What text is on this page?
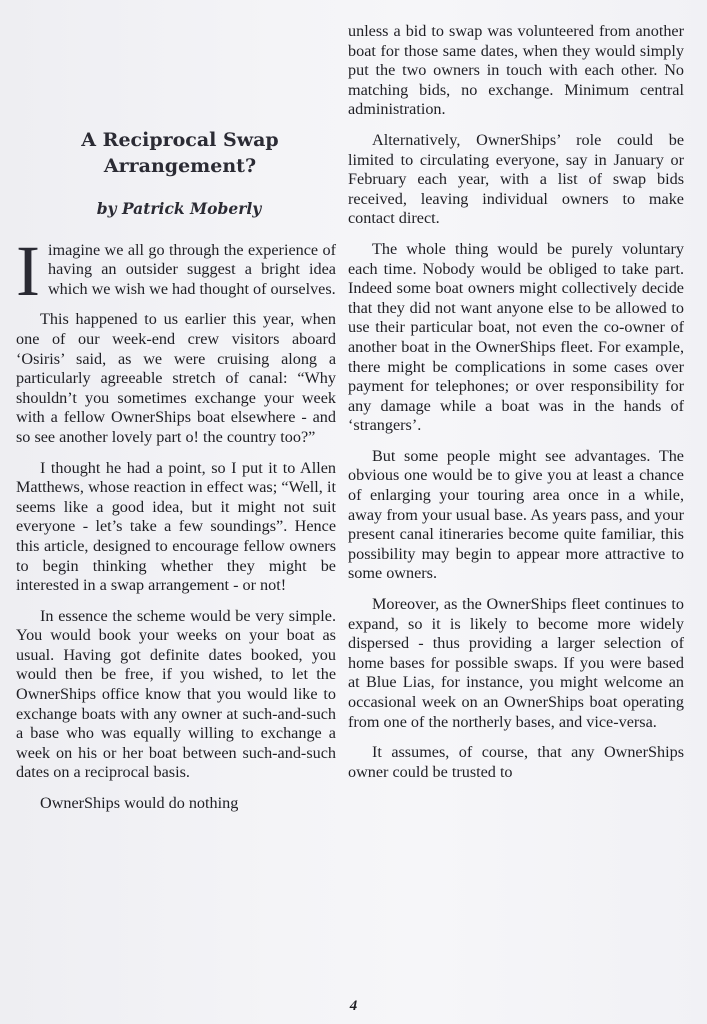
A Reciprocal Swap Arrangement?
by Patrick Moberly

Iimagine we all go through the experience of having an outsider suggest a bright idea which we wish we had thought of ourselves.

This happened to us earlier this year, when one of our week-end crew visitors aboard ‘Osiris’ said, as we were cruising along a particularly agreeable stretch of canal: “Why shouldn’t you sometimes exchange your week with a fellow OwnerShips boat elsewhere - and so see another lovely part o! the country too?”

I thought he had a point, so I put it to Allen Matthews, whose reaction in effect was; “Well, it seems like a good idea, but it might not suit everyone - let’s take a few soundings”. Hence this article, designed to encourage fellow owners to begin thinking whether they might be interested in a swap arrangement - or not!

In essence the scheme would be very simple. You would book your weeks on your boat as usual. Having got definite dates booked, you would then be free, if you wished, to let the OwnerShips office know that you would like to exchange boats with any owner at such-and-such a base who was equally willing to exchange a week on his or her boat between such-and-such dates on a reciprocal basis.

OwnerShips would do nothing

unless a bid to swap was volunteered from another boat for those same dates, when they would simply put the two owners in touch with each other. No matching bids, no exchange. Minimum central administration.

Alternatively, OwnerShips’ role could be limited to circulating everyone, say in January or February each year, with a list of swap bids received, leaving individual owners to make contact direct.

The whole thing would be purely voluntary each time. Nobody would be obliged to take part. Indeed some boat owners might collectively decide that they did not want anyone else to be allowed to use their particular boat, not even the co-owner of another boat in the OwnerShips fleet. For example, there might be complications in some cases over payment for telephones; or over responsibility for any damage while a boat was in the hands of ‘strangers’.

But some people might see advantages. The obvious one would be to give you at least a chance of enlarging your touring area once in a while, away from your usual base. As years pass, and your present canal itineraries become quite familiar, this possibility may begin to appear more attractive to some owners.

Moreover, as the OwnerShips fleet continues to expand, so it is likely to become more widely dispersed - thus providing a larger selection of home bases for possible swaps. If you were based at Blue Lias, for instance, you might welcome an occasional week on an OwnerShips boat operating from one of the northerly bases, and vice-versa.

It assumes, of course, that any OwnerShips owner could be trusted to

4
